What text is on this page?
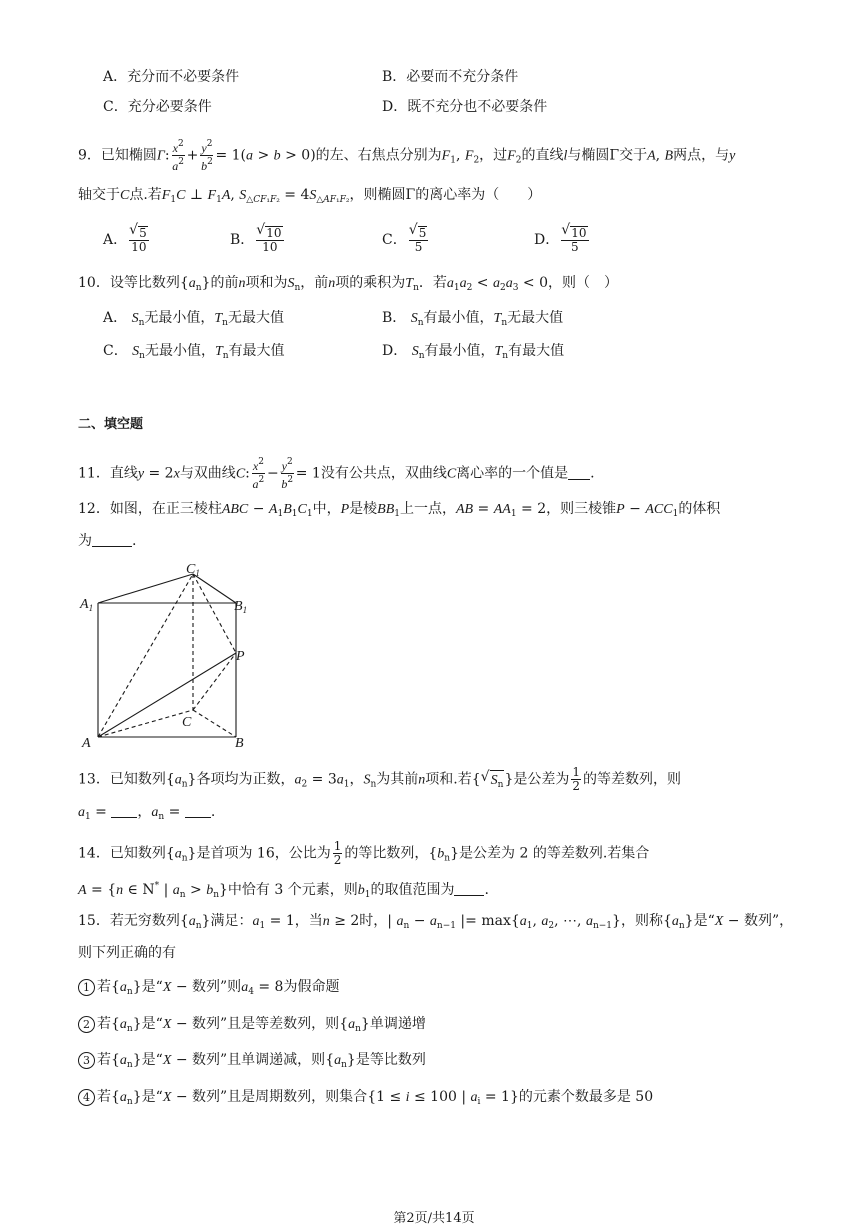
A．充分而不必要条件	B．必要而不充分条件
C．充分必要条件	D．既不充分也不必要条件
9．已知椭圆Γ: $\frac{x^2}{a^2} + \frac{y^2}{b^2} = 1(a > b > 0)$的左、右焦点分别为$F_1$, $F_2$，过$F_2$的直线l与椭圆Γ交于A, B两点，与y
轴交于C点.若$F_1C$ ⊥ $F_1A$, $S_{\triangle CF_1F_2} = 4S_{\triangle AF_1F_2}$，则椭圆Γ的离心率为（　　）
A． √ $\frac{5}{10}$	B． √ $\frac{10}{10}$	C． √ $\frac{5}{5}$	D． √ $\frac{10}{5}$
10．设等比数列$\{a_n\}$的前n项和为$S_n$，前n项的乘积为$T_n$．若$a_1a_2 < a_2a_3 < 0$，则（　）
A． $S_n$无最小值，$T_n$无最大值	B． $S_n$有最小值，$T_n$无最大值
C． $S_n$无最小值，$T_n$有最大值	D． $S_n$有最小值，$T_n$有最大值
二、填空题
11．直线y = 2x与双曲线C: $\frac{x^2}{a^2} - \frac{y^2}{b^2} = 1$没有公共点，双曲线C离心率的一个值是 .
12．如图，在正三棱柱ABC − $A_1B_1C_1$中，P是棱$BB_1$上一点，AB = $AA_1 = 2$，则三棱锥$P - ACC_1$的体积
为	.
$C_1$
$A_1$	$B_1$
P
C
A	B
13．已知数列$\{a_n\}$各项均为正数，$a_2 = 3a_1$，$S_n$为其前n项和.若{ √ $S_n$}是公差为 $\frac{1}{2}$ 的等差数列，则
$a_1$ = ，$a_n$ = .
14．已知数列$\{a_n\}$是首项为 16，公比为 $\frac{1}{2}$ 的等比数列，$\{b_n\}$是公差为 2 的等差数列.若集合
A = {n ∈ N* | $a_n > b_n$}中恰有 3 个元素，则$b_1$的取值范围为 .
15．若无穷数列$\{a_n\}$满足：$a_1 = 1$，当n ≥ 2时，| $a_n - a_{n-1}$ |= $\max\{a_1$, $a_2$, ⋯, $a_{n-1}$}，则称$\{a_n\}$是“X − 数列”，
则下列正确的有
1 若$\{a_n\}$是“X − 数列”则$a_4 = 8$为假命题
2 若$\{a_n\}$是“X − 数列”且是等差数列，则$\{a_n\}$单调递增
3 若$\{a_n\}$是“X − 数列”且单调递减，则$\{a_n\}$是等比数列
4 若$\{a_n\}$是“X − 数列”且是周期数列，则集合{1 ≤ i ≤ 100 | $a_i = 1$}的元素个数最多是 50
第2页/共14页
